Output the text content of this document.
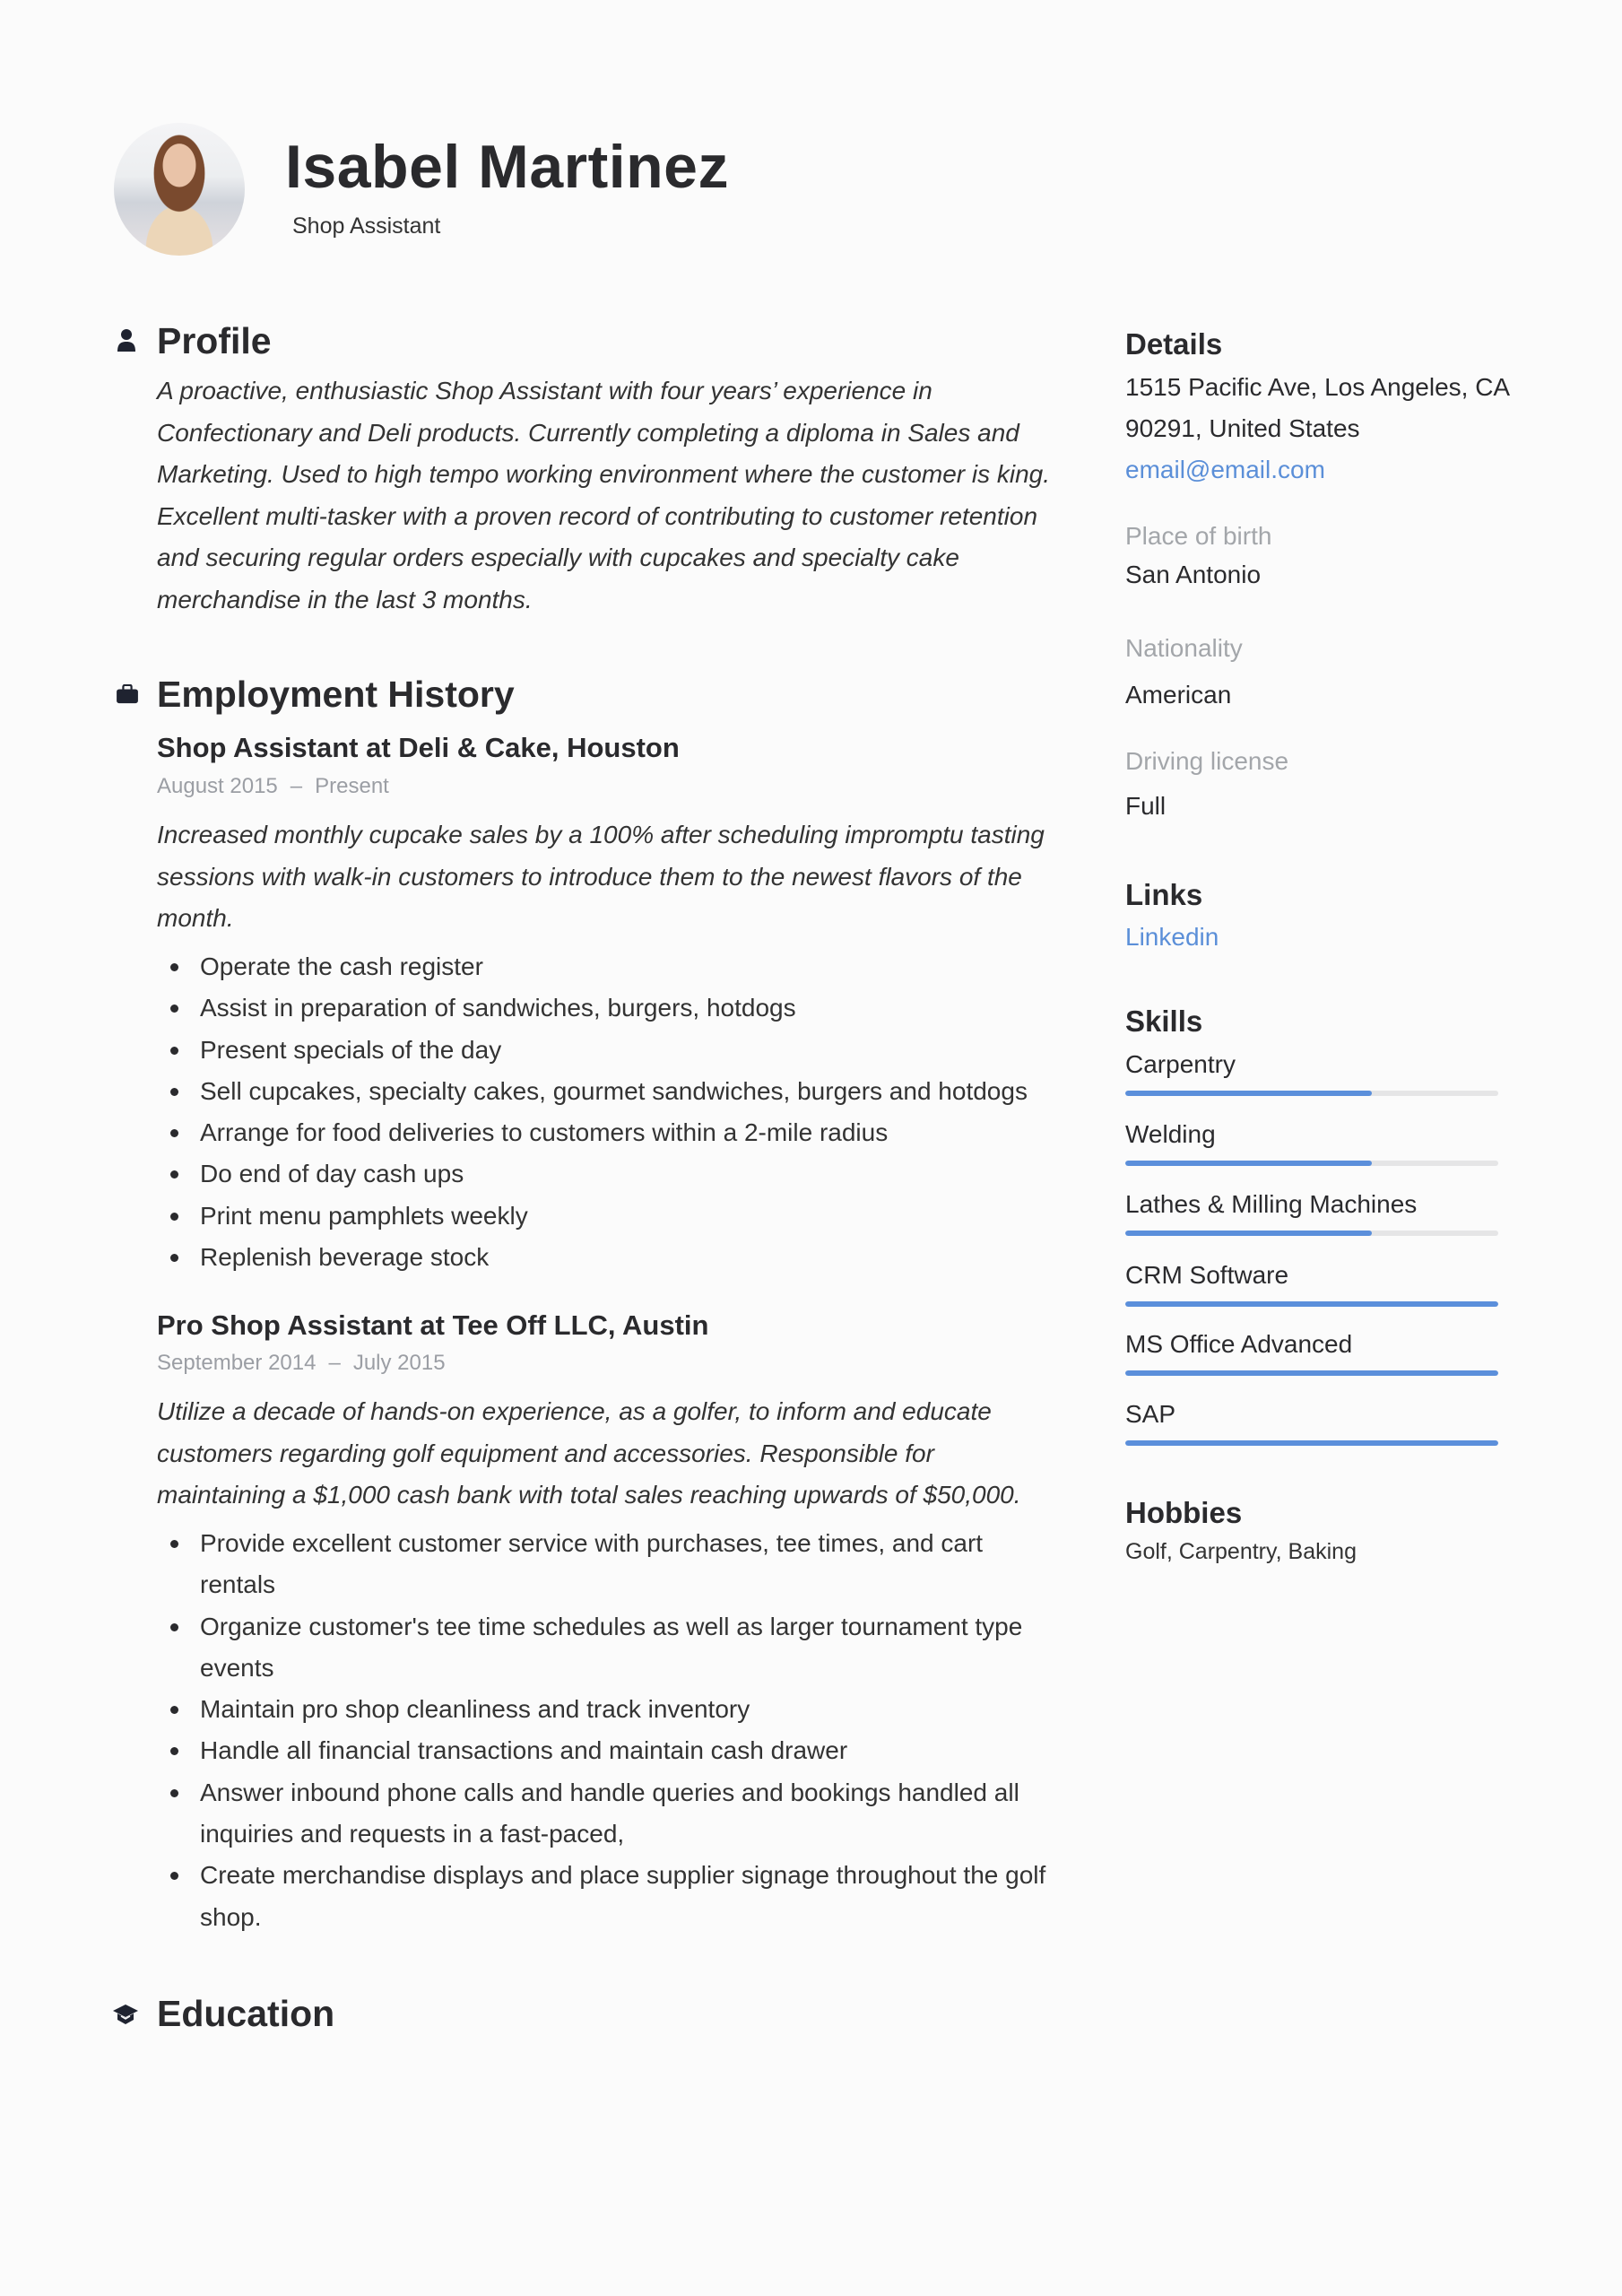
Isabel Martinez
Shop Assistant
Profile
A proactive, enthusiastic Shop Assistant with four years’ experience in Confectionary and Deli products. Currently completing a diploma in Sales and Marketing. Used to high tempo working environment where the customer is king. Excellent multi-tasker with a proven record of contributing to customer retention and securing regular orders especially with cupcakes and specialty cake merchandise in the last 3 months.
Employment History
Shop Assistant at Deli & Cake, Houston
August 2015 – Present
Increased monthly cupcake sales by a 100% after scheduling impromptu tasting sessions with walk-in customers to introduce them to the newest flavors of the month.
Operate the cash register
Assist in preparation of sandwiches, burgers, hotdogs
Present specials of the day
Sell cupcakes, specialty cakes, gourmet sandwiches, burgers and hotdogs
Arrange for food deliveries to customers within a 2-mile radius
Do end of day cash ups
Print menu pamphlets weekly
Replenish beverage stock
Pro Shop Assistant at Tee Off LLC, Austin
September 2014 – July 2015
Utilize a decade of hands-on experience, as a golfer, to inform and educate customers regarding golf equipment and accessories. Responsible for maintaining a $1,000 cash bank with total sales reaching upwards of $50,000.
Provide excellent customer service with purchases, tee times, and cart rentals
Organize customer's tee time schedules as well as larger tournament type events
Maintain pro shop cleanliness and track inventory
Handle all financial transactions and maintain cash drawer
Answer inbound phone calls and handle queries and bookings handled all inquiries and requests in a fast-paced,
Create merchandise displays and place supplier signage throughout the golf shop.
Education
Details
1515 Pacific Ave, Los Angeles, CA
90291, United States
email@email.com
Place of birth
San Antonio
Nationality
American
Driving license
Full
Links
Linkedin
Skills
Carpentry
Welding
Lathes & Milling Machines
CRM Software
MS Office Advanced
SAP
Hobbies
Golf, Carpentry, Baking
